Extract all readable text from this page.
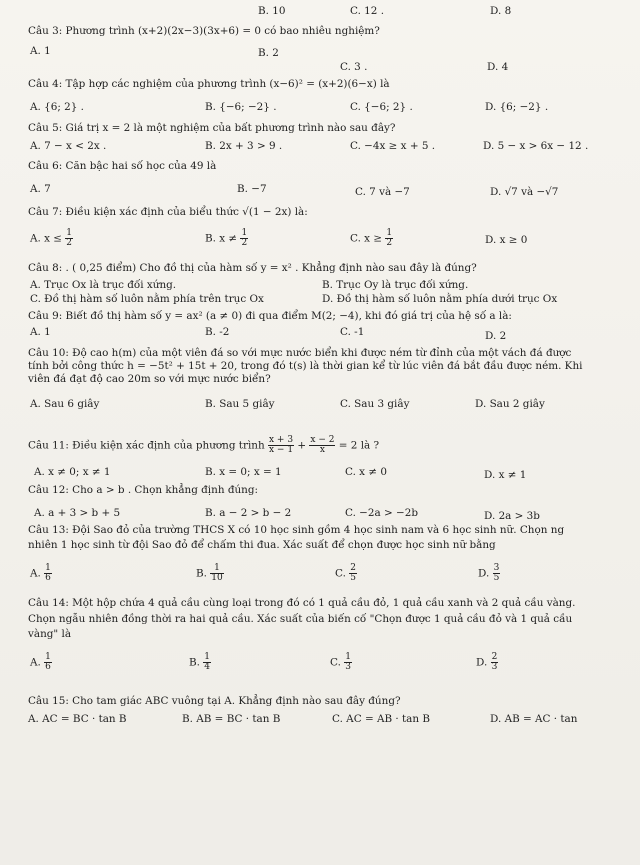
B. 10	C. 12 .	D. 8
Câu 3: Phương trình (x+2)(2x−3)(3x+6) = 0 có bao nhiêu nghiệm?
A. 1	B. 2
C. 3 .	D. 4
Câu 4: Tập hợp các nghiệm của phương trình (x−6)² = (x+2)(6−x) là
A. {6; 2} .	B. {−6; −2} .	C. {−6; 2} .	D. {6; −2} .
Câu 5: Giá trị x = 2 là một nghiệm của bất phương trình nào sau đây?
A. 7 − x < 2x .	B. 2x + 3 > 9 .	C. −4x ≥ x + 5 .	D. 5 − x > 6x − 12 .
Câu 6: Căn bậc hai số học của 49 là
A. 7	B. −7	C. 7 và −7	D. √7 và −√7
Câu 7: Điều kiện xác định của biểu thức √(1 − 2x) là:
A. $x \le \frac{1}{2}$	B. $x \ne \frac{1}{2}$	C. $x \ge \frac{1}{2}$	D. x ≥ 0
Câu 8: . ( 0,25 điểm) Cho đồ thị của hàm số y = x² . Khẳng định nào sau đây là đúng?
A. Trục Ox là trục đối xứng.	B. Trục Oy là trục đối xứng.
C. Đồ thị hàm số luôn nằm phía trên trục Ox	D. Đồ thị hàm số luôn nằm phía dưới trục Ox
Câu 9: Biết đồ thị hàm số y = ax² (a ≠ 0) đi qua điểm M(2; −4), khi đó giá trị của hệ số a là:
A. 1	B. -2	C. -1	D. 2
Câu 10: Độ cao h(m) của một viên đá so với mực nước biển khi được ném từ đỉnh của một vách đá được
tính bởi công thức h = −5t² + 15t + 20, trong đó t(s) là thời gian kể từ lúc viên đá bắt đầu được ném. Khi
viên đá đạt độ cao 20m so với mực nước biển?
A. Sau 6 giây	B. Sau 5 giây	C. Sau 3 giây	D. Sau 2 giây
Câu 11: Điều kiện xác định của phương trình $\frac{x + 3}{x - 1} + \frac{x - 2}{x} = 2$ là ?
A. x ≠ 0; x ≠ 1	B. x = 0; x = 1	C. x ≠ 0	D. x ≠ 1
Câu 12: Cho a > b . Chọn khẳng định đúng:
A. a + 3 > b + 5	B. a − 2 > b − 2	C. −2a > −2b	D. 2a > 3b
Câu 13: Đội Sao đỏ của trường THCS X có 10 học sinh gồm 4 học sinh nam và 6 học sinh nữ. Chọn ng
nhiên 1 học sinh từ đội Sao đỏ để chấm thi đua. Xác suất để chọn được học sinh nữ bằng
A. $\frac{1}{6}$	B. $\frac{1}{10}$	C. $\frac{2}{5}$	D. $\frac{3}{5}$
Câu 14: Một hộp chứa 4 quả cầu cùng loại trong đó có 1 quả cầu đỏ, 1 quả cầu xanh và 2 quả cầu vàng.
Chọn ngẫu nhiên đồng thời ra hai quả cầu. Xác suất của biến cố "Chọn được 1 quả cầu đỏ và 1 quả cầu
vàng" là
A. $\frac{1}{6}$	B. $\frac{1}{4}$	C. $\frac{1}{3}$	D. $\frac{2}{3}$
Câu 15: Cho tam giác ABC vuông tại A. Khẳng định nào sau đây đúng?
A. AC = BC · tan B	B. AB = BC · tan B	C. AC = AB · tan B	D. AB = AC · tan
